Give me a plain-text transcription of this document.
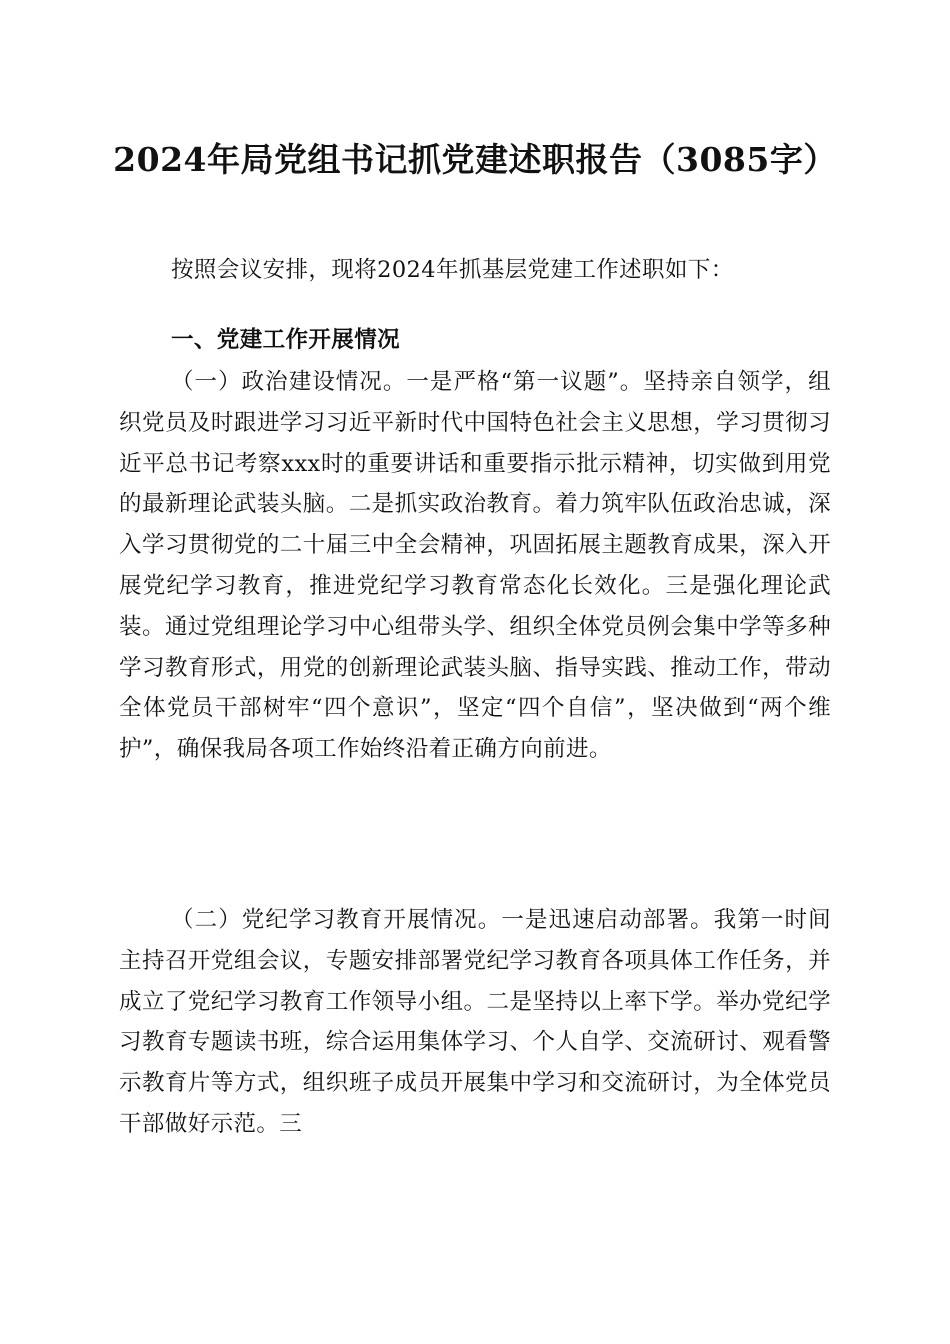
2024年局党组书记抓党建述职报告（3085字）

按照会议安排，现将2024年抓基层党建工作述职如下：

一、党建工作开展情况

（一）政治建设情况。一是严格“第一议题”。坚持亲自领学，组织党员及时跟进学习习近平新时代中国特色社会主义思想，学习贯彻习近平总书记考察xxx时的重要讲话和重要指示批示精神，切实做到用党的最新理论武装头脑。二是抓实政治教育。着力筑牢队伍政治忠诚，深入学习贯彻党的二十届三中全会精神，巩固拓展主题教育成果，深入开展党纪学习教育，推进党纪学习教育常态化长效化。三是强化理论武装。通过党组理论学习中心组带头学、组织全体党员例会集中学等多种学习教育形式，用党的创新理论武装头脑、指导实践、推动工作，带动全体党员干部树牢“四个意识”，坚定“四个自信”，坚决做到“两个维护”，确保我局各项工作始终沿着正确方向前进。

（二）党纪学习教育开展情况。一是迅速启动部署。我第一时间主持召开党组会议，专题安排部署党纪学习教育各项具体工作任务，并成立了党纪学习教育工作领导小组。二是坚持以上率下学。举办党纪学习教育专题读书班，综合运用集体学习、个人自学、交流研讨、观看警示教育片等方式，组织班子成员开展集中学习和交流研讨，为全体党员干部做好示范。三
